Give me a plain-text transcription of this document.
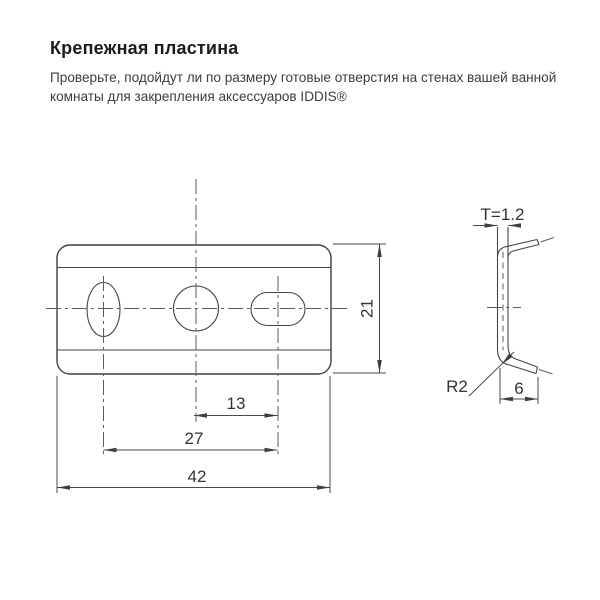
Крепежная пластина

Проверьте, подойдут ли по размеру готовые отверстия на стенах вашей ванной комнаты для закрепления аксессуаров IDDIS®

21
13
27
42
T=1.2
R2	6
